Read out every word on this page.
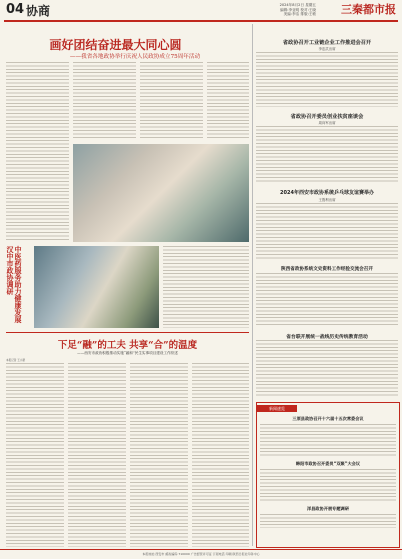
04 协商	2024年8月2日 星期五
编辑:李亚明 校对:王晓
美编:李洁 排版:王敏 三秦都市报
画好团结奋进最大同心圆
——我省各地政协举行庆祝人民政协成立75周年活动
中医药服务助力健康发展 汉中市政协调研
下足“融”的工夫 共享“合”的温度
——西安市政协积极推动实施“融和”民生实事项目建设工作综述
本报记者 王小蒙
省政协召开工业链企业工作推进会召开
李忠武出席
省政协召开委员创业扶贫座谈会
周向军出席
2024年西安市政协系统乒乓球友谊赛举办
王胜利出席
陕西省政协系统文史资料工作经验交流会召开
省台联开展统一战线历史传统教育活动
新闻速览
三原县政协召开十六届十五次常委会议
韩阳市政协召开委员“双聚”大会议
洋县政协开展专题调研
本报地址:西安市 邮政编码:710000 广告经营许可证 订阅电话 印刷:陕西日报社印务中心
